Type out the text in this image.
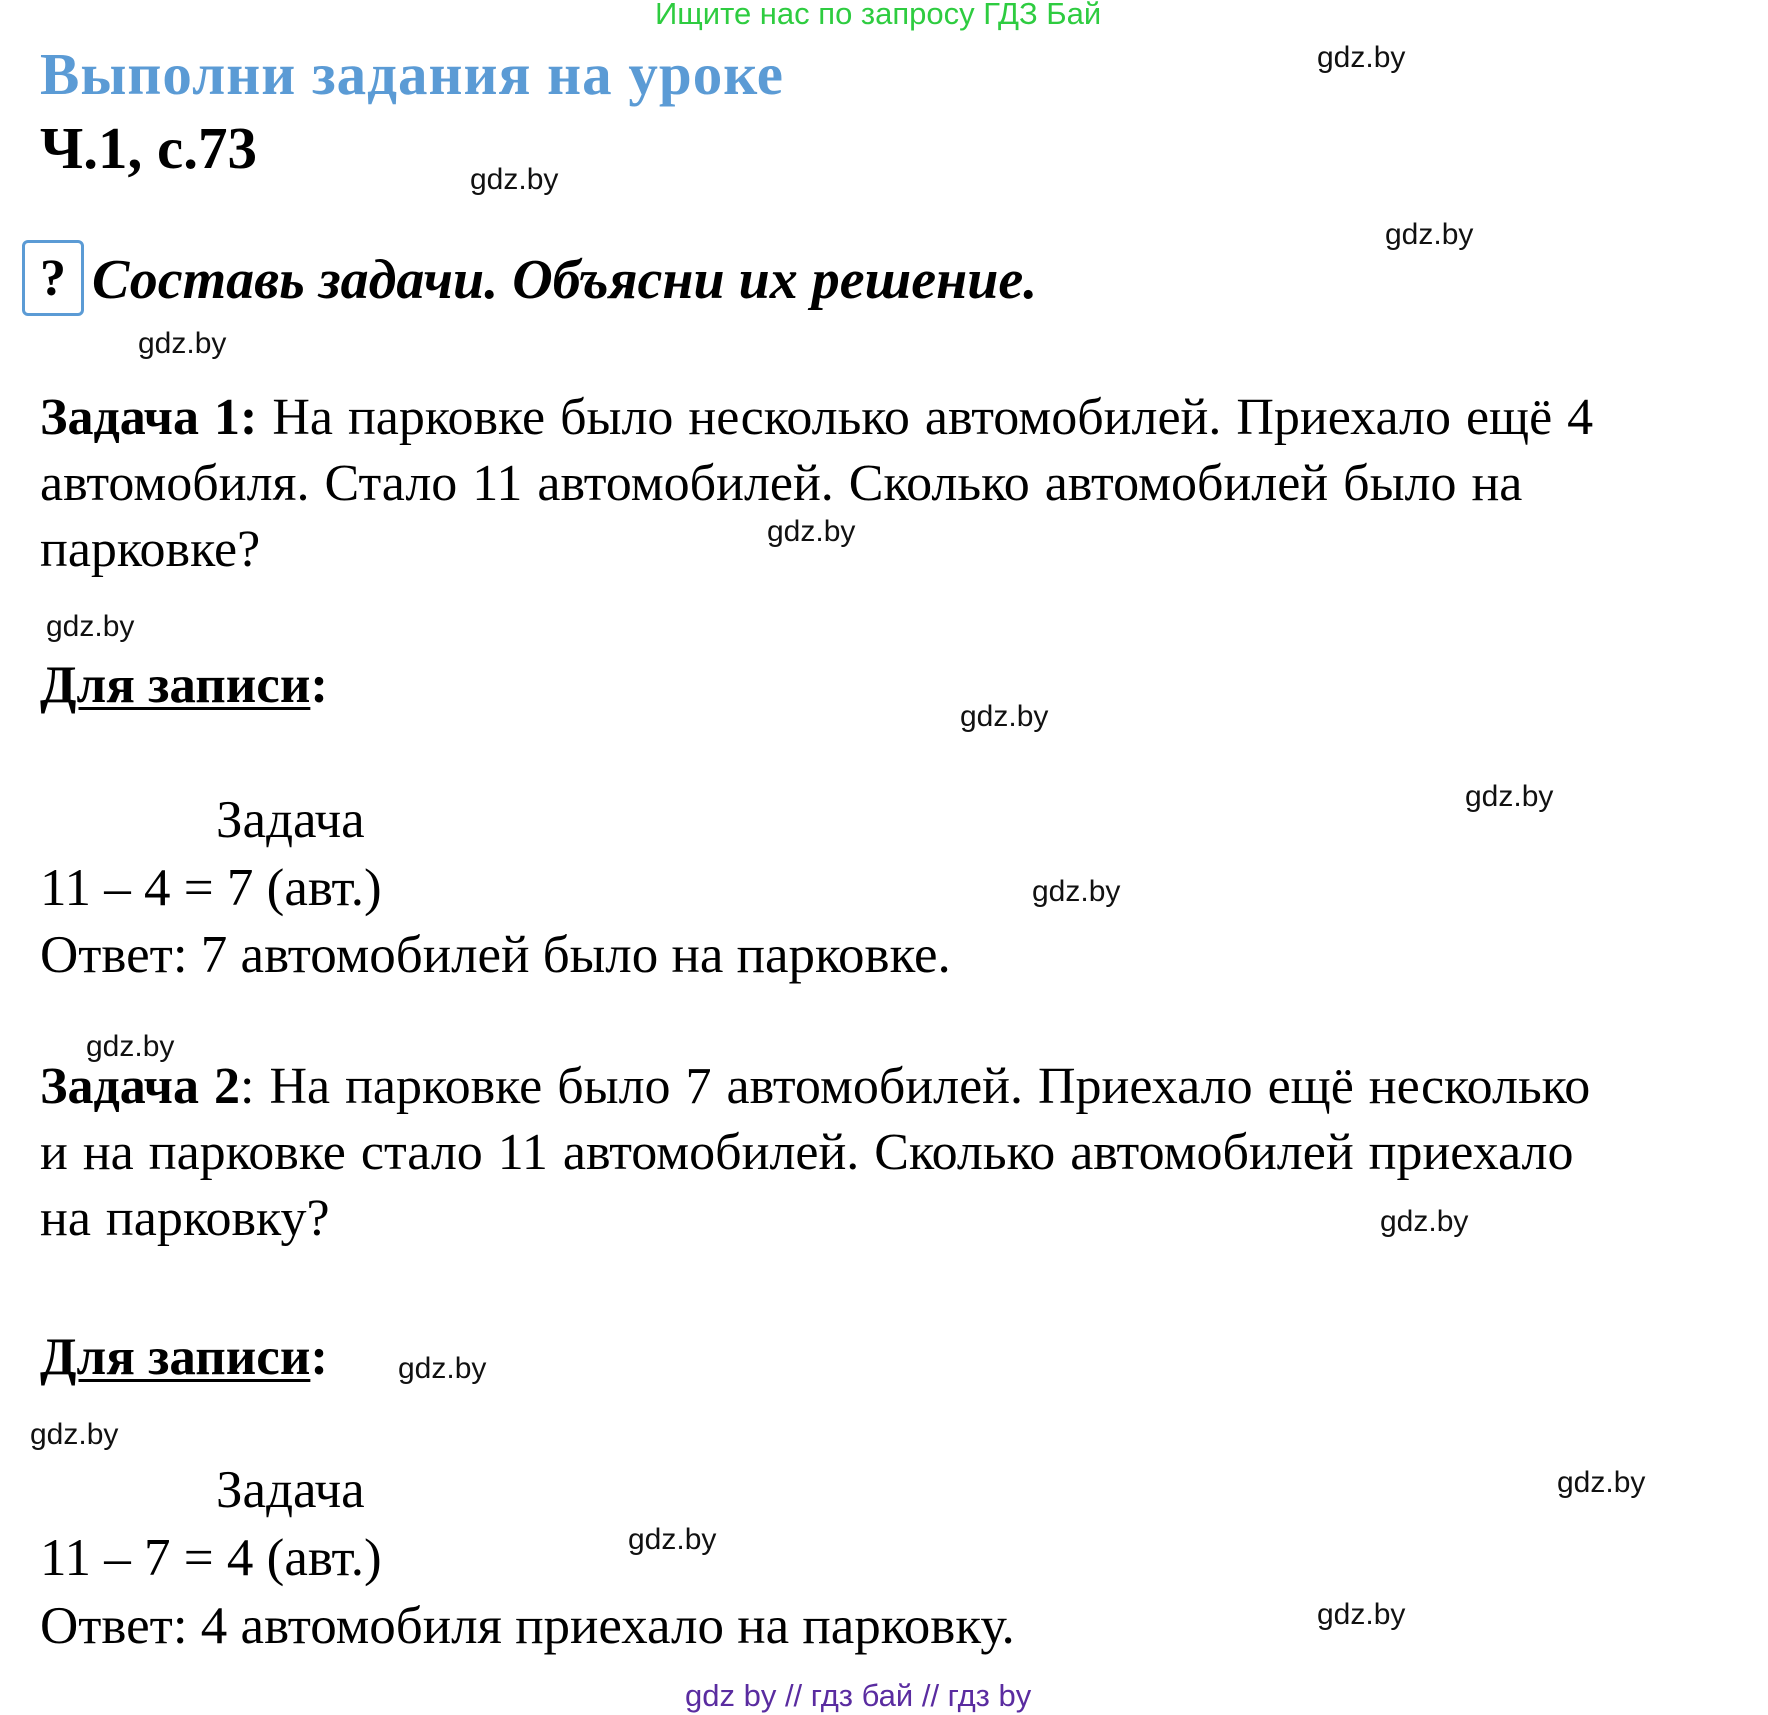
Ищите нас по запросу ГДЗ Бай
Выполни задания на уроке
Ч.1, с.73
? Составь задачи. Объясни их решение.
Задача 1: На парковке было несколько автомобилей. Приехало ещё 4 автомобиля. Стало 11 автомобилей. Сколько автомобилей было на парковке?
Для записи:
Задача
11 – 4 = 7 (авт.)
Ответ: 7 автомобилей было на парковке.
Задача 2: На парковке было 7 автомобилей. Приехало ещё несколько и на парковке стало 11 автомобилей. Сколько автомобилей приехало на парковку?
Для записи:
Задача
11 – 7 = 4 (авт.)
Ответ: 4 автомобиля приехало на парковку.
gdz.by
gdz.by
gdz.by
gdz.by
gdz.by
gdz.by
gdz.by
gdz.by
gdz.by
gdz.by
gdz.by
gdz.by
gdz.by
gdz.by
gdz.by
gdz.by
gdz by // гдз бай // гдз by
